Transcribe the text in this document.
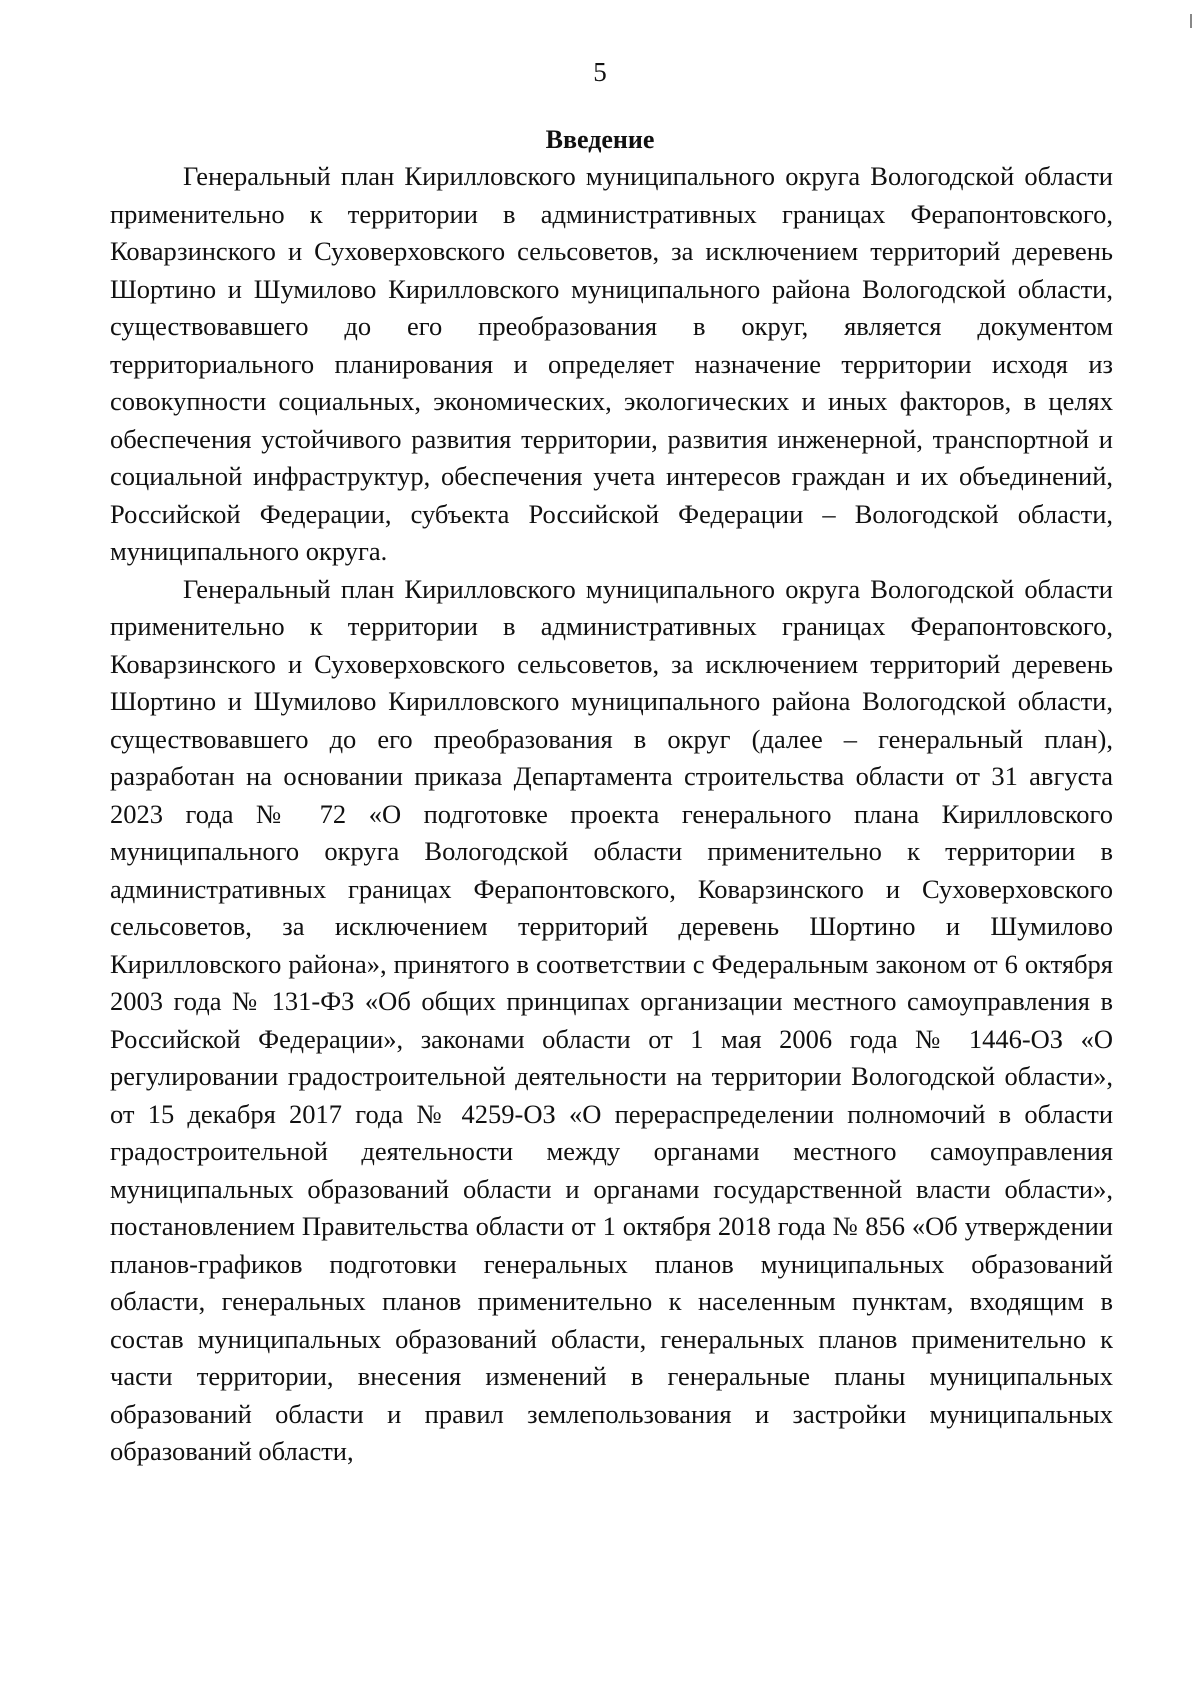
5
Введение

Генеральный план Кирилловского муниципального округа Вологодской области применительно к территории в административных границах Ферапонтовского, Коварзинского и Суховерховского сельсоветов, за исключением территорий деревень Шортино и Шумилово Кирилловского муниципального района Вологодской области, существовавшего до его преобразования в округ, является документом территориального планирования и определяет назначение территории исходя из совокупности социальных, экономических, экологических и иных факторов, в целях обеспечения устойчивого развития территории, развития инженерной, транспортной и социальной инфраструктур, обеспечения учета интересов граждан и их объединений, Российской Федерации, субъекта Российской Федерации – Вологодской области, муниципального округа.

Генеральный план Кирилловского муниципального округа Вологодской области применительно к территории в административных границах Ферапонтовского, Коварзинского и Суховерховского сельсоветов, за исключением территорий деревень Шортино и Шумилово Кирилловского муниципального района Вологодской области, существовавшего до его преобразования в округ (далее – генеральный план), разработан на основании приказа Департамента строительства области от 31 августа 2023 года № 72 «О подготовке проекта генерального плана Кирилловского муниципального округа Вологодской области применительно к территории в административных границах Ферапонтовского, Коварзинского и Суховерховского сельсоветов, за исключением территорий деревень Шортино и Шумилово Кирилловского района», принятого в соответствии с Федеральным законом от 6 октября 2003 года № 131-ФЗ «Об общих принципах организации местного самоуправления в Российской Федерации», законами области от 1 мая 2006 года № 1446-ОЗ «О регулировании градостроительной деятельности на территории Вологодской области», от 15 декабря 2017 года № 4259-ОЗ «О перераспределении полномочий в области градостроительной деятельности между органами местного самоуправления муниципальных образований области и органами государственной власти области», постановлением Правительства области от 1 октября 2018 года № 856 «Об утверждении планов-графиков подготовки генеральных планов муниципальных образований области, генеральных планов применительно к населенным пунктам, входящим в состав муниципальных образований области, генеральных планов применительно к части территории, внесения изменений в генеральные планы муниципальных образований области и правил землепользования и застройки муниципальных образований области,
